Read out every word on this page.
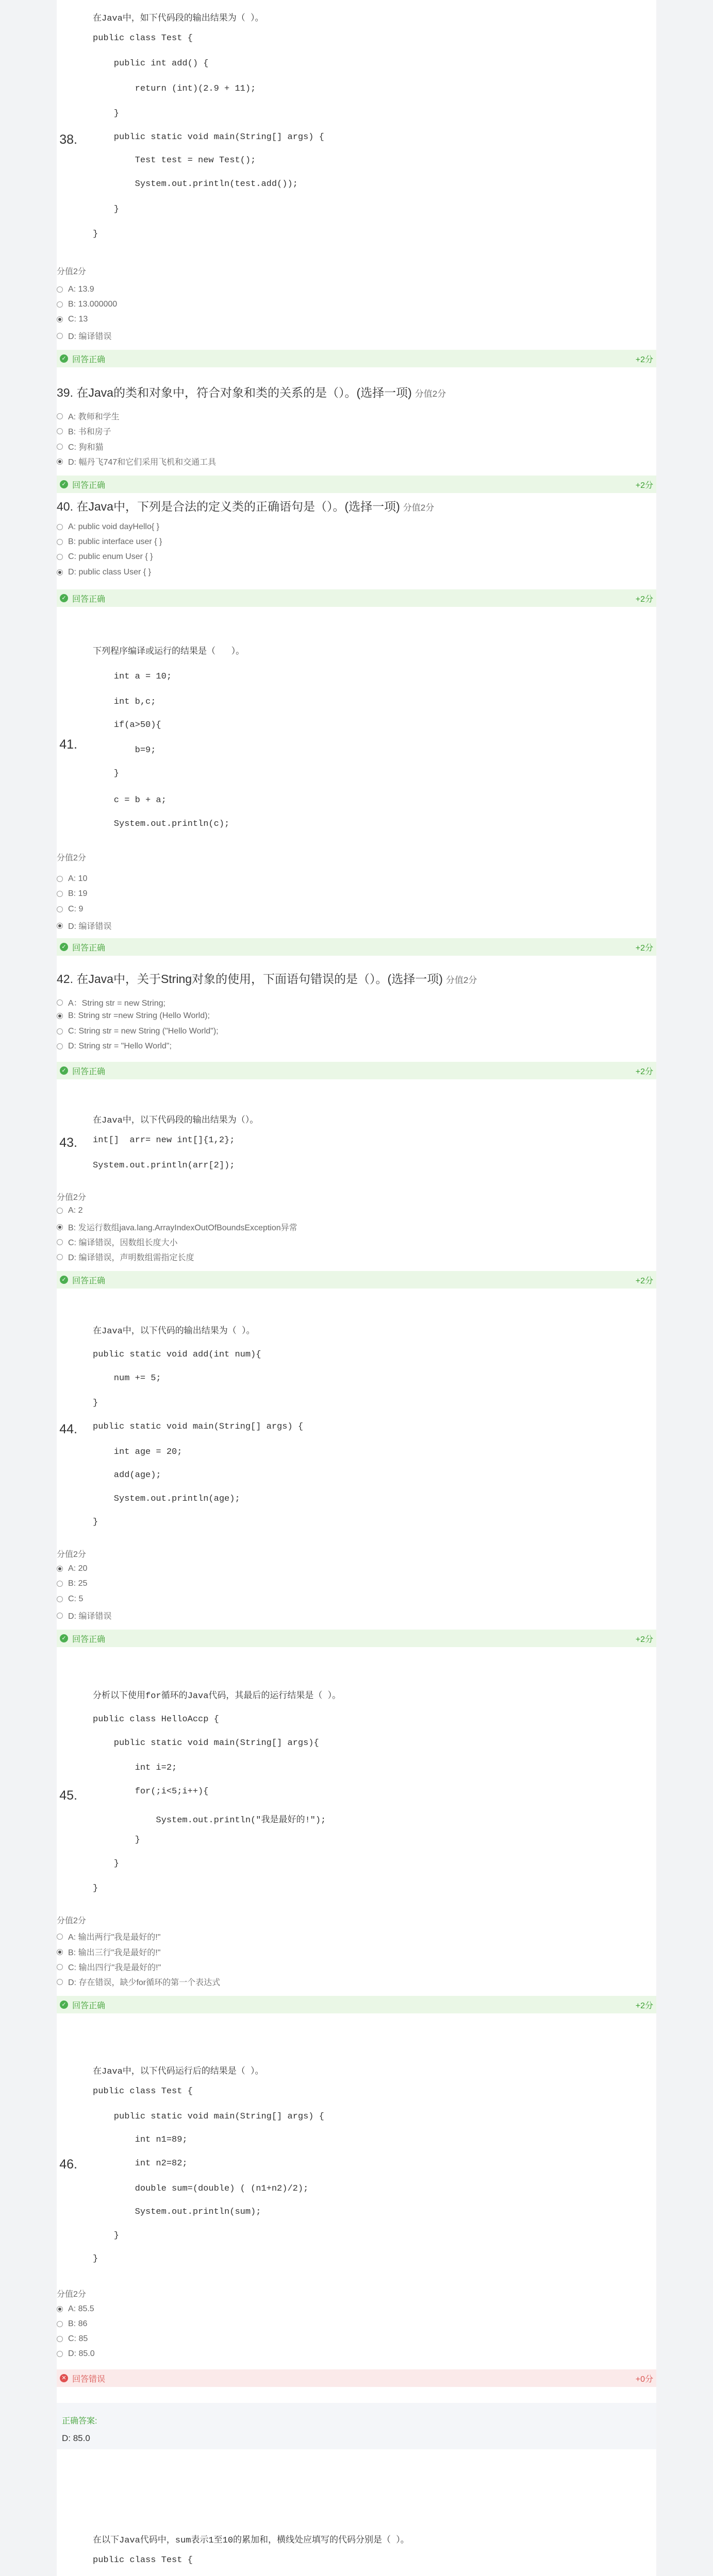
38.
在Java中，如下代码段的输出结果为（ ）。
public class Test {
public int add() {
return (int)(2.9 + 11);
}
public static void main(String[] args) {
Test test = new Test();
System.out.println(test.add());
}
}
分值2分
A: 13.9
B: 13.000000
C: 13
D: 编译错误
✓ 回答正确	+2分
39. 在Java的类和对象中，符合对象和类的关系的是（）。(选择一项) 分值2分
A: 教师和学生
B: 书和房子
C: 狗和猫
D: 幅丹飞747和它们采用飞机和交通工具
✓ 回答正确	+2分
40. 在Java中，下列是合法的定义类的正确语句是（）。(选择一项) 分值2分
A: public void dayHello{ }
B: public interface user { }
C: public enum User { }
D: public class User { }
✓ 回答正确	+2分
41.
下列程序编译或运行的结果是（   ）。
int a = 10;
int b,c;
if(a>50){
b=9;
}
c = b + a;
System.out.println(c);
分值2分
A: 10
B: 19
C: 9
D: 编译错误
✓ 回答正确	+2分
42. 在Java中，关于String对象的使用，下面语句错误的是（）。(选择一项) 分值2分
A：String str = new String;
B: String str =new String (Hello World);
C: String str = new String ("Hello World");
D: String str = "Hello World";
✓ 回答正确	+2分
43.
在Java中，以下代码段的输出结果为（）。
int[]  arr= new int[]{1,2};
System.out.println(arr[2]);
分值2分
A: 2
B: 发运行数组java.lang.ArrayIndexOutOfBoundsException异常
C: 编译错误，因数组长度大小
D: 编译错误，声明数组需指定长度
✓ 回答正确	+2分
44.
在Java中，以下代码的输出结果为（ ）。
public static void add(int num){
num += 5;
}
public static void main(String[] args) {
int age = 20;
add(age);
System.out.println(age);
}
分值2分
A: 20
B: 25
C: 5
D: 编译错误
✓ 回答正确	+2分
45.
分析以下使用for循环的Java代码，其最后的运行结果是（ ）。
public class HelloAccp {
public static void main(String[] args){
int i=2;
for(;i<5;i++){
System.out.println("我是最好的!");
}
}
}
分值2分
A: 输出两行"我是最好的!"
B: 输出三行"我是最好的!"
C: 输出四行"我是最好的!"
D: 存在错误，缺少for循环的第一个表达式
✓ 回答正确	+2分
46.
在Java中，以下代码运行后的结果是（ ）。
public class Test {
public static void main(String[] args) {
int n1=89;
int n2=82;
double sum=(double) ( (n1+n2)/2);
System.out.println(sum);
}
}
分值2分
A: 85.5
B: 86
C: 85
D: 85.0
✕ 回答错误	+0分
正确答案:
D: 85.0
在以下Java代码中，sum表示1至10的累加和，横线处应填写的代码分别是（ ）。
public class Test {
